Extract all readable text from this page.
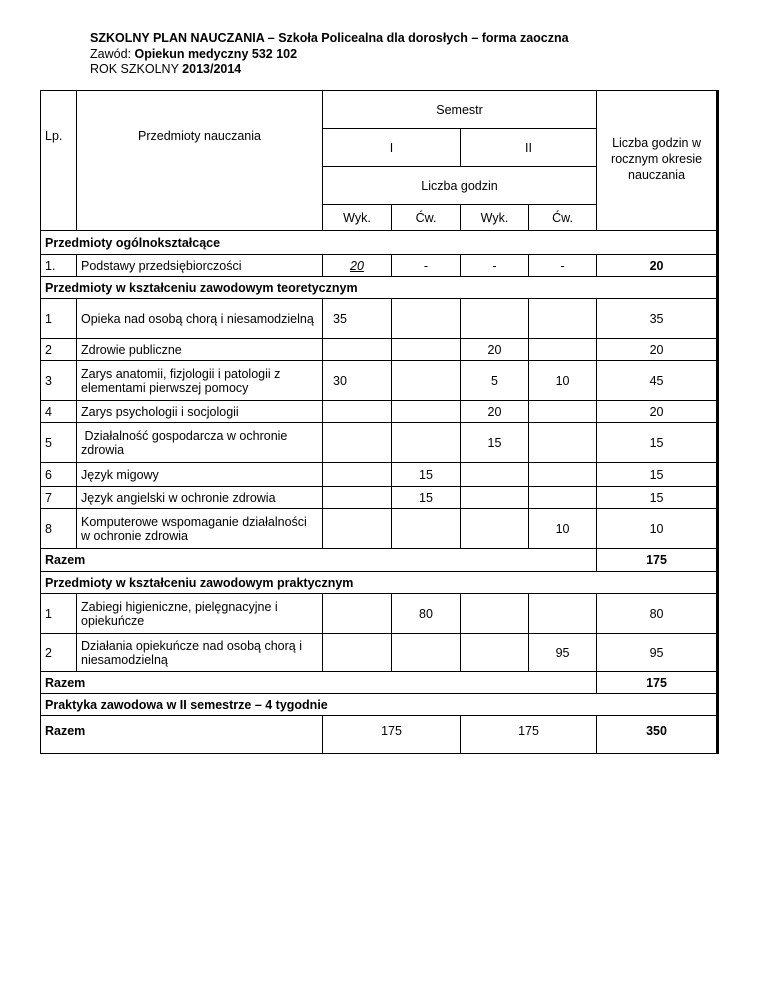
SZKOLNY PLAN NAUCZANIA – Szkoła Policealna dla dorosłych – forma zaoczna
Zawód: Opiekun medyczny 532 102
ROK SZKOLNY 2013/2014
Lp.	Przedmioty nauczania	Semestr				Liczba godzin w rocznym okresie nauczania
		I		II		
		Liczba godzin				
		Wyk.	Ćw.	Wyk.	Ćw.	
Przedmioty ogólnokształcące						
1.	Podstawy przedsiębiorczości	20	-	-	-	20
Przedmioty w kształceniu zawodowym teoretycznym						
1	Opieka nad osobą chorą i niesamodzielną	35				35
2	Zdrowie publiczne			20		20
3	Zarys anatomii, fizjologii i patologii z elementami pierwszej pomocy	30		5	10	45
4	Zarys psychologii i socjologii			20		20
5	Działalność gospodarcza w ochronie zdrowia			15		15
6	Język migowy		15			15
7	Język angielski w ochronie zdrowia		15			15
8	Komputerowe wspomaganie działalności w ochronie zdrowia				10	10
Razem						175
Przedmioty w kształceniu zawodowym praktycznym						
1	Zabiegi higieniczne, pielęgnacyjne i opiekuńcze		80			80
2	Działania opiekuńcze nad osobą chorą i niesamodzielną				95	95
Razem						175
Praktyka zawodowa w II semestrze – 4 tygodnie						
Razem		175		175		350
